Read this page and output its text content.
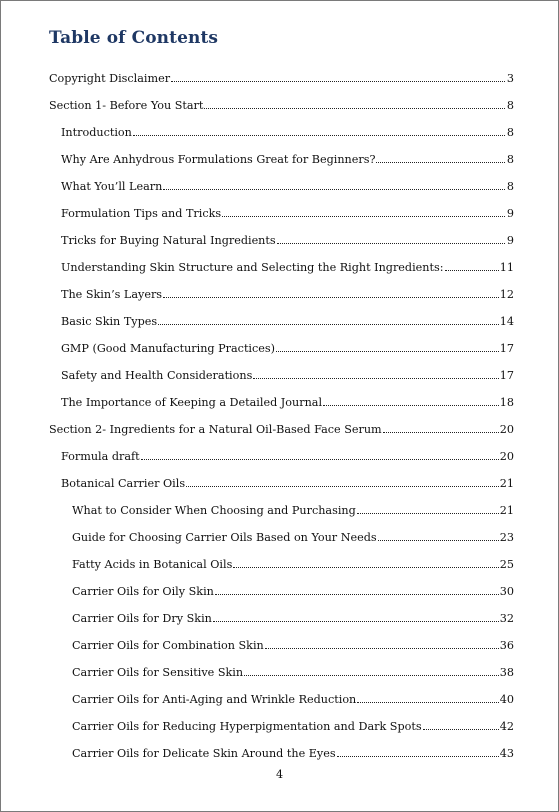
Table of Contents
Copyright Disclaimer	3
Section 1- Before You Start	8
Introduction	8
Why Are Anhydrous Formulations Great for Beginners?	8
What You’ll Learn	8
Formulation Tips and Tricks	9
Tricks for Buying Natural Ingredients	9
Understanding Skin Structure and Selecting the Right Ingredients:	11
The Skin’s Layers	12
Basic Skin Types	14
GMP (Good Manufacturing Practices)	17
Safety and Health Considerations	17
The Importance of Keeping a Detailed Journal	18
Section 2- Ingredients for a Natural Oil-Based Face Serum	20
Formula draft	20
Botanical Carrier Oils	21
What to Consider When Choosing and Purchasing	21
Guide for Choosing Carrier Oils Based on Your Needs	23
Fatty Acids in Botanical Oils	25
Carrier Oils for Oily Skin	30
Carrier Oils for Dry Skin	32
Carrier Oils for Combination Skin	36
Carrier Oils for Sensitive Skin	38
Carrier Oils for Anti-Aging and Wrinkle Reduction	40
Carrier Oils for Reducing Hyperpigmentation and Dark Spots	42
Carrier Oils for Delicate Skin Around the Eyes	43
4
